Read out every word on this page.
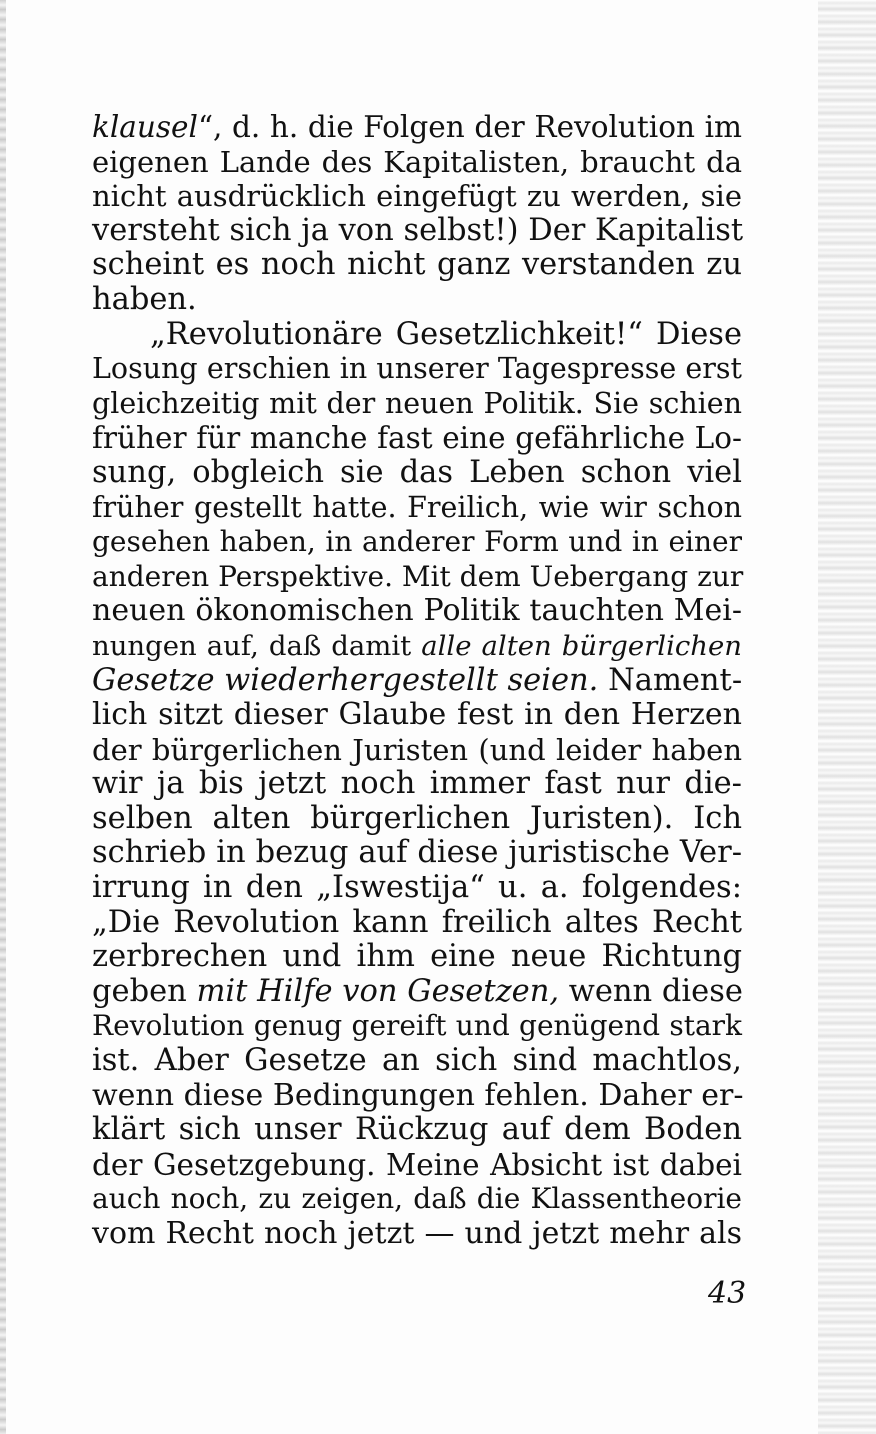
klausel“, d. h. die Folgen der Revolution im
eigenen Lande des Kapitalisten, braucht da
nicht ausdrücklich eingefügt zu werden, sie
versteht sich ja von selbst!) Der Kapitalist
scheint es noch nicht ganz verstanden zu
haben.
„Revolutionäre Gesetzlichkeit!“ Diese
Losung erschien in unserer Tagespresse erst
gleichzeitig mit der neuen Politik. Sie schien
früher für manche fast eine gefährliche Lo-
sung, obgleich sie das Leben schon viel
früher gestellt hatte. Freilich, wie wir schon
gesehen haben, in anderer Form und in einer
anderen Perspektive. Mit dem Uebergang zur
neuen ökonomischen Politik tauchten Mei-
nungen auf, daß damit alle alten bürgerlichen
Gesetze wiederhergestellt seien. Nament-
lich sitzt dieser Glaube fest in den Herzen
der bürgerlichen Juristen (und leider haben
wir ja bis jetzt noch immer fast nur die-
selben alten bürgerlichen Juristen). Ich
schrieb in bezug auf diese juristische Ver-
irrung in den „Iswestija“ u. a. folgendes:
„Die Revolution kann freilich altes Recht
zerbrechen und ihm eine neue Richtung
geben mit Hilfe von Gesetzen, wenn diese
Revolution genug gereift und genügend stark
ist. Aber Gesetze an sich sind machtlos,
wenn diese Bedingungen fehlen. Daher er-
klärt sich unser Rückzug auf dem Boden
der Gesetzgebung. Meine Absicht ist dabei
auch noch, zu zeigen, daß die Klassentheorie
vom Recht noch jetzt — und jetzt mehr als
43
